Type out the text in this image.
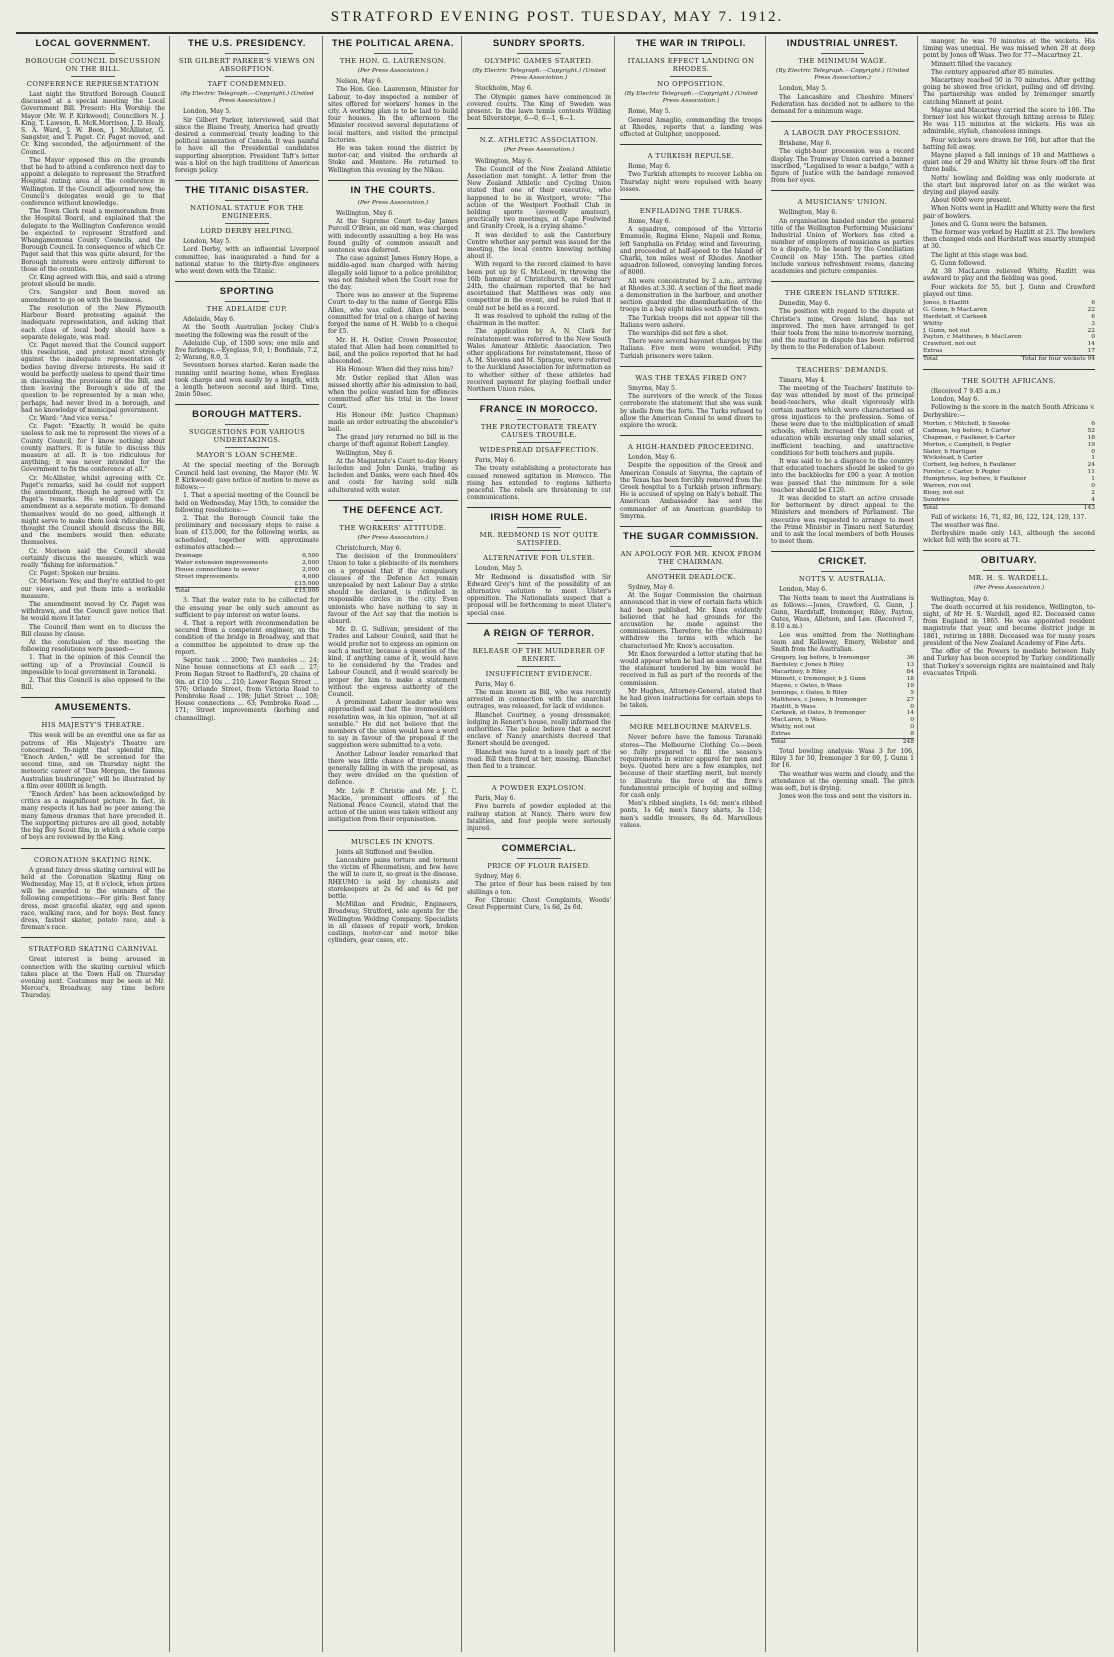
STRATFORD EVENING POST. TUESDAY, MAY 7. 1912.
LOCAL GOVERNMENT.
BOROUGH COUNCIL DISCUSSION ON THE BILL.
CONFERENCE REPRESENTATION

Last night the Stratford Borough Council discussed at a special meeting the Local Government Bill. Present: His Worship the Mayor (Mr. W. P. Kirkwood), Councillors N. J. King, T. Lawson, R. McK.Morrison, J. D. Healy, S. A. Ward, J. W. Boon, J. McAllister, G. Sangster, and T. Paget. Cr. Paget moved, and Cr. King seconded, the adjournment of the Council.

The Mayor opposed this on the grounds that he had to attend a conference next day to appoint a delegate to represent the Stratford Hospital rating area at the conference in Wellington. If the Council adjourned now, the Council's delegates would go to that conference without knowledge.

The Town Clerk read a memorandum from the Hospital Board, and explained that the delegate to the Wellington Conference would be expected to represent Stratford and Whangamomona County Councils, and the Borough Council. In consequence of which Cr. Paget said that this was quite absurd, for the Borough interests were entirely different to those of the counties.

Cr. King agreed with this, and said a strong protest should be made.

Crs. Sangster and Boon moved an amendment to go on with the business.

The resolution of the New Plymouth Harbour Board protesting against the inadequate representation, and asking that each class of local body should have a separate delegate, was read.

Cr. Paget moved that the Council support this resolution, and protest most strongly against the inadequate representation of bodies having diverse interests. He said it would be perfectly useless to spend their time in discussing the provisions of the Bill, and then leaving the Borough's side of the question to be represented by a man who, perhaps, had never lived in a borough, and had no knowledge of municipal government.

Cr. Ward: "And vice versa."

Cr. Paget: "Exactly. It would be quite useless to ask me to represent the views of a County Council, for I know nothing about county matters. It is futile to discuss this measure at all. It is too ridiculous for anything; it was never intended for the Government to fix the conference at all."

Cr. McAllister, whilst agreeing with Cr. Paget's remarks, said he could not support the amendment, though he agreed with Cr. Paget's remarks. He would support the amendment as a separate motion. To demand themselves would do no good, although it might serve to make them look ridiculous. He thought the Council should discuss the Bill, and the members would then educate themselves.

Cr. Morison said the Council should certainly discuss the measure, which was really "fishing for information."

Cr. Paget: Spoken our brains.

Cr. Morison: Yes; and they're entitled to get our views, and put them into a workable measure.

The amendment moved by Cr. Paget was withdrawn, and the Council gave notice that he would move it later.

The Council then went on to discuss the Bill clause by clause.

At the conclusion of the meeting the following resolutions were passed:—

1. That in the opinion of this Council the setting up of a Provincial Council is impossible to local government in Taranaki.

2. That this Council is also opposed to the Bill.

AMUSEMENTS.
HIS MAJESTY'S THEATRE.

This week will be an eventful one as far as patrons of His Majesty's Theatre are concerned. To-night that splendid film, "Enoch Arden," will be screened for the second time, and on Thursday night the meteoric career of "Dan Morgan, the famous Australian bushranger," will be illustrated by a film over 4000ft in length.

"Enoch Arden" has been acknowledged by critics as a magnificent picture. In fact, in many respects it has had no peer among the many famous dramas that have preceded it. The supporting pictures are all good, notably the big Boy Scout film, in which a whole corps of boys are reviewed by the King.

CORONATION SKATING RINK.

A grand fancy dress skating carnival will be held at the Coronation Skating Ring on Wednesday, May 15, at 8 o'clock, when prizes will be awarded to the winners of the following competitions:—For girls: Best fancy dress, most graceful skater, egg and spoon race, walking race, and for boys: Best fancy dress, fastest skater, potato race, and a fireman's race.

STRATFORD SKATING CARNIVAL

Great interest is being aroused in connection with the skating carnival which takes place at the Town Hall on Thursday evening next. Costumes may be seen at Mr. Mercer's, Broadway, any time before Thursday.

THE U.S. PRESIDENCY.
SIR GILBERT PARKER'S VIEWS ON ABSORPTION.
TAFT CONDEMNED.
(By Electric Telegraph.—Copyright.) (United Press Association.)

London, May 5.

Sir Gilbert Parker, interviewed, said that since the Blaine Treaty, America had greatly desired a commercial treaty leading to the political annexation of Canada. It was painful to have all the Presidential candidates supporting absorption. President Taft's letter was a blot on the high traditions of American foreign policy.

THE TITANIC DISASTER.
NATIONAL STATUE FOR THE ENGINEERS.
LORD DERBY HELPING.

London, May 5.

Lord Derby, with an influential Liverpool committee, has inaugurated a fund for a national statue to the thirty-five engineers who went down with the Titanic.

SPORTING
THE ADELAIDE CUP.

Adelaide, May 6.

At the South Australian Jockey Club's meeting the following was the result of the

Adelaide Cup, of 1500 sovs; one mile and five furlongs.—Eyeglass, 9.0, 1; Bonfidale, 7.2, 2; Warang, 8.0, 3.

Seventeen horses started. Keran made the running until nearing home, when Eyeglass took charge and won easily by a length, with a length between second and third. Time, 2min 50sec.

BOROUGH MATTERS.
SUGGESTIONS FOR VARIOUS UNDERTAKINGS.
MAYOR'S LOAN SCHEME.

At the special meeting of the Borough Council held last evening, the Mayor (Mr. W. P. Kirkwood) gave notice of motion to move as follows:—

1. That a special meeting of the Council be held on Wednesday, May 15th, to consider the following resolutions:—

2. That the Borough Council take the preliminary and necessary steps to raise a loan of £15,000, for the following works, as scheduled, together with approximate estimates attached:—

Drainage	6,500
Water extension improvements	2,000
House connections to sewer	2,000
Street improvements	4,000
£15,000
Total	£15,000

3. That the water rate to be collected for the ensuing year be only such amount as sufficient to pay interest on water loans.

4. That a report with recommendation be secured from a competent engineer, on the condition of the bridge in Broadway, and that a committee be appointed to draw up the report.

Septic tank ... 2000; Two manholes ... 24; Nine house connections at £3 each ... 27; From Regan Street to Radford's, 20 chains of 9in. at £10 10s ... 210; Lower Regan Street ... 570; Orlando Street, from Victoria Road to Pembroke Road ... 198; Juliet Street ... 108; House connections ... 63; Pembroke Road ... 171; Street improvements (kerbing and channelling).

THE POLITICAL ARENA.
THE HON. G. LAURENSON.
(Per Press Association.)

Nelson, May 6.

The Hon. Geo. Laurenson, Minister for Labour, to-day inspected a number of sites offered for workers' homes in the city. A working plan is to be laid to build four houses. In the afternoon the Minister received several deputations of local matters, and visited the principal factories.

He was taken round the district by motor-car, and visited the orchards at Stoke and Mentere. He returned to Wellington this evening by the Nikau.

IN THE COURTS.
(Per Press Association.)

Wellington, May 6.

At the Supreme Court to-day James Purcell O'Brien, an old man, was charged with indecently assaulting a boy. He was found guilty of common assault and sentence was deferred.

The case against James Henry Hope, a middle-aged man charged with having illegally sold liquor to a police prohibitor, was not finished when the Court rose for the day.

There was no answer at the Supreme Court to-day to the name of George Ellis Allen, who was called. Allen had been committed for trial on a charge of having forged the name of H. Webb to a cheque for £5.

Mr. H. H. Ostler, Crown Prosecutor, stated that Allen had been committed to bail, and the police reported that he had absconded.

His Honour: When did they miss him?

Mr. Ostler replied that Allen was missed shortly after his admission to bail, when the police wanted him for offences committed after his trial in the lower Court.

His Honour (Mr. Justice Chapman) made an order estreating the absconder's bail.

The grand jury returned no bill in the charge of theft against Robert Langley.

Wellington, May 6.

At the Magistrate's Court to-day Henry Iscleden and John Danks, trading as Iscleden and Danks, were each fined 40s and costs for having sold milk adulterated with water.

THE DEFENCE ACT.
THE WORKERS' ATTITUDE.
(Per Press Association.)

Christchurch, May 6.

The decision of the Ironmoulders' Union to take a plebiscite of its members on a proposal that if the compulsory clauses of the Defence Act remain unrepealed by next Labour Day a strike should be declared, is ridiculed in responsible circles in the city. Even unionists who have nothing to say in favour of the Act say that the motion is absurd.

Mr. D. G. Sullivan, president of the Trades and Labour Council, said that he would prefer not to express an opinion on such a matter, because a question of the kind, if anything came of it, would have to be considered by the Trades and Labour Council, and it would scarcely be proper for him to make a statement without the express authority of the Council.

A prominent Labour leader who was approached said that the ironmoulders' resolution was, in his opinion, "not at all sensible." He did not believe that the members of the union would have a word to say in favour of the proposal if the suggestion were submitted to a vote.

Another Labour leader remarked that there was little chance of trade unions generally falling in with the proposal, as they were divided on the question of defence.

Mr. Lyle P. Christie and Mr. J. C. Mackie, prominent officers of the National Peace Council, stated that the action of the union was taken without any instigation from their organisation.

MUSCLES IN KNOTS.

Joints all Stiffened and Swollen.

Lancashire pains torture and torment the victim of Rheumatism, and few have the will to cure it, so great is the disease. RHEUMO is sold by chemists and storekeepers at 2s 6d and 4s 6d per bottle.

McMillan and Frednic, Engineers, Broadway, Stratford, sole agents for the Wellington Welding Company. Specialists in all classes of repair work, broken castings, motor-car and motor bike cylinders, gear cases, etc.

SUNDRY SPORTS.
OLYMPIC GAMES STARTED.
(By Electric Telegraph.—Copyright.) (United Press Association.)

Stockholm, May 6.

The Olympic games have commenced in covered courts. The King of Sweden was present. In the lawn tennis contests Wilding beat Silverstorpe, 6—0, 6—1, 6—1.

N.Z. ATHLETIC ASSOCIATION.
(Per Press Association.)

Wellington, May 6.

The Council of the New Zealand Athletic Association met tonight. A letter from the New Zealand Athletic and Cycling Union stated that one of their executive, who happened to be in Westport, wrote: "The action of the Westport Football Club in holding sports (avowedly amateur), practically two meetings, at Cape Foulwind and Granity Creek, is a crying shame."

It was decided to ask the Canterbury Centre whether any permit was issued for the meeting, the local centre knowing nothing about it.

With regard to the record claimed to have been put up by G. McLeod, in throwing the 16lb hammer at Christchurch, on February 24th, the chairman reported that he had ascertained that Matthews was only one competitor in the event, and he ruled that it could not be held as a record.

It was resolved to uphold the ruling of the chairman in the matter.

The application by A. N. Clark for reinstatement was referred to the New South Wales Amateur Athletic Association. Two other applications for reinstatement, those of A. M. Stevens and M. Sprague, were referred to the Auckland Association for information as to whether either of these athletes had received payment for playing football under Northern Union rules.

FRANCE IN MOROCCO.
THE PROTECTORATE TREATY CAUSES TROUBLE.
WIDESPREAD DISAFFECTION.

Paris, May 6.

The treaty establishing a protectorate has caused renewed agitation in Morocco. The rising has extended to regions hitherto peaceful. The rebels are threatening to cut communications.

IRISH HOME RULE.
MR. REDMOND IS NOT QUITE SATISFIED.
ALTERNATIVE FOR ULSTER.

London, May 5.

Mr Redmond is dissatisfied with Sir Edward Grey's hint of the possibility of an alternative solution to meet Ulster's opposition. The Nationalists suspect that a proposal will be forthcoming to meet Ulster's special case.

A REIGN OF TERROR.
RELEASE OF THE MURDERER OF RENERT.
INSUFFICIENT EVIDENCE.

Paris, May 6.

The man known as Bill, who was recently arrested in connection with the anarchist outrages, was released, for lack of evidence.

Blanchet Courtney, a young dressmaker, lodging in Renert's house, really informed the authorities. The police believe that a secret enclave of Nancy anarchists decreed that Renert should be avenged.

Blanchet was lured to a lonely part of the road. Bill then fired at her, missing. Blanchet then fled to a tramcar.

A POWDER EXPLOSION.

Paris, May 6.

Five barrels of powder exploded at the railway station at Nancy. There were few fatalities, and four people were seriously injured.

COMMERCIAL.
PRICE OF FLOUR RAISED.

Sydney, May 6.

The price of flour has been raised by ten shillings a ton.

For Chronic Chest Complaints, Woods' Great Peppermint Cure, 1s 6d, 2s 6d.

THE WAR IN TRIPOLI.
ITALIANS EFFECT LANDING ON RHODES.
NO OPPOSITION.
(By Electric Telegraph.—Copyright.) (United Press Association.)

Rome, May 5.

General Amaglio, commanding the troops at Rhodes, reports that a landing was effected at Gulipher, unopposed.

A TURKISH REPULSE.

Rome, May 6.

Two Turkish attempts to recover Lebba on Thursday night were repulsed with heavy losses.

ENFILADING THE TURKS.

Rome, May 6.

A squadron, composed of the Vittorio Emanuele, Regina Elene, Napoli and Roma, left Sanphalia on Friday, wind and favouring, and proceeded at half-speed to the Island of Charki, ten miles west of Rhodes. Another squadron followed, conveying landing forces of 8000.

All were concentrated by 2 a.m., arriving at Rhodes at 3.30. A section of the fleet made a demonstration in the harbour, and another section guarded the disembarkation of the troops in a bay eight miles south of the town.

The Turkish troops did not appear till the Italians were ashore.

The warships did not fire a shot.

There were several bayonet charges by the Italians. Five men were wounded. Fifty Turkish prisoners were taken.

WAS THE TEXAS FIRED ON?

Smyrna, May 5.

The survivors of the wreck of the Texas corroborate the statement that she was sunk by shells from the forts. The Turks refused to allow the American Consul to send divers to explore the wreck.

A HIGH-HANDED PROCEEDING.

London, May 6.

Despite the opposition of the Greek and American Consuls at Smyrna, the captain of the Texas has been forcibly removed from the Greek hospital to a Turkish prison infirmary. He is accused of spying on Italy's behalf. The American Ambassador has sent the commander of an American guardship to Smyrna.

THE SUGAR COMMISSION.
AN APOLOGY FOR MR. KNOX FROM THE CHAIRMAN.
ANOTHER DEADLOCK.

Sydney, May 6.

At the Sugar Commission the chairman announced that in view of certain facts which had been published, Mr. Knox evidently believed that he had grounds for the accusation he made against the commissioners. Therefore, he (the chairman) withdrew the terms with which he characterised Mr. Knox's accusation.

Mr. Knox forwarded a letter stating that he would appear when he had an assurance that the statement tendered by him would be received in full as part of the records of the commission.

Mr Hughes, Attorney-General, stated that he had given instructions for certain steps to be taken.

MORE MELBOURNE MARVELS.

Never before have the famous Taranaki stores—The Melbourne Clothing Co.—been so fully prepared to fill the season's requirements in winter apparel for men and boys. Quoted here are a few examples, not because of their startling merit, but merely to illustrate the force of the firm's fundamental principle of buying and selling for cash only.

Men's ribbed singlets, 1s 6d; men's ribbed pants, 1s 6d; men's fancy shirts, 3s 11d; men's saddle trousers, 8s 6d. Marvellous values.

INDUSTRIAL UNREST.
THE MINIMUM WAGE.
(By Electric Telegraph.—Copyright.) (United Press Association.)

London, May 5.

The Lancashire and Cheshire Miners' Federation has decided not to adhere to the demand for a minimum wage.

A LABOUR DAY PROCESSION.

Brisbane, May 6.

The eight-hour procession was a record display. The Tramway Union carried a banner inscribed, "Legalised to wear a badge," with a figure of Justice with the bandage removed from her eyes.

A MUSICIANS' UNION.

Wellington, May 6.

An organisation banded under the general title of the Wellington Performing Musicians' Industrial Union of Workers has cited a number of employers of musicians as parties to a dispute, to be heard by the Conciliation Council on May 15th. The parties cited include various refreshment rooms, dancing academies and picture companies.

THE GREEN ISLAND STRIKE.

Dunedin, May 6.

The position with regard to the dispute at Christie's mine, Green Island, has not improved. The men have arranged to get their tools from the mine to-morrow morning, and the matter in dispute has been referred by them to the Federation of Labour.

TEACHERS' DEMANDS.

Timaru, May 4.

The meeting of the Teachers' Institute to-day was attended by most of the principal head-teachers, who dealt vigorously with certain matters which were characterised as gross injustices to the profession. Some of these were due to the multiplication of small schools, which increased the total cost of education while ensuring only small salaries, inefficient teaching, and unattractive conditions for both teachers and pupils.

It was said to be a disgrace to the country that educated teachers should be asked to go into the backblocks for £90 a year. A motion was passed that the minimum for a sole teacher should be £120.

It was decided to start an active crusade for betterment by direct appeal to the Ministers and members of Parliament. The executive was requested to arrange to meet the Prime Minister in Timaru next Saturday, and to ask the local members of both Houses to meet them.

CRICKET.
NOTTS V. AUSTRALIA.

London, May 6.

The Notts team to meet the Australians is as follows:—Jones, Crawford, G. Gunn, J. Gunn, Hardstaff, Iremonger, Riley, Payton, Oates, Wass, Alletson, and Lee. (Received 7, 8.10 a.m.)

Lee was omitted from the Nottingham team and Kelleway, Emery, Webster and Smith from the Australian.

Gregory, leg before, b Iremonger	36
Bardsley, c Jones b Riley	13
Macartney, b Riley	84
Minnett, c Iremonger, b J. Gunn	18
Mayne, c Oates, b Wass	19
Jennings, c Oates, b Riley	5
Matthews, c Jones, b Iremonger	27
Hazlitt, b Wass	0
Carkeek, at Oates, b Iremonger	14
MacLaren, b Wass	0
Whitty, not out	0
Extras	8
Total	248

Total bowling analysis: Wass 3 for 106, Riley 3 for 50, Iremonger 3 for 69, J. Gunn 1 for 16.

The weather was warm and cloudy, and the attendance at the opening small. The pitch was soft, but is drying.

Jones won the toss and sent the visitors in.

manger, he was 70 minutes at the wickets. His timing was unequal. He was missed when 28 at deep point by Jones off Wass. Two for 77—Macartney 21.

Minnett filled the vacancy.

The century appeared after 85 minutes.

Macartney reached 50 in 70 minutes. After getting going he showed free cricket, pulling and off driving. The partnership was ended by Iremonger smartly catching Minnett at point.

Mayne and Macartney carried the score to 106. The former lost his wicket through hitting across to Riley. He was 115 minutes at the wickets. His was an admirable, stylish, chanceless innings.

Four wickets were drawn for 166, but after that the batting fell away.

Mayne played a fall innings of 19 and Matthews a quiet one of 29 and Whitty hit three fours off the first three balls.

Notts' bowling and fielding was only moderate at the start but improved later on as the wicket was drying and played easily.

About 6000 were present.

When Notts went in Hazlitt and Whitty were the first pair of bowlers.

Jones and G. Gunn were the batsmen.

The former was yorked by Hazlitt at 23. The bowlers then changed ends and Hardstaff was smartly stumped at 30.

The light at this stage was bad.

G. Gunn followed.

At 38 MacLaren relieved Whitty. Hazlitt was awkward to play and the fielding was good.

Four wickets for 55, but J. Gunn and Crawford played out time.

Jones, b Hazlitt	6
G. Gunn, b MacLaren	22
Hardstaff, st Carkeek	6
Whitty	3
J. Gunn, not out	22
Payton, c Matthews, b MacLaren	0
Crawford, not out	14
Extras	17
Total	Total for four wickets 94
THE SOUTH AFRICANS.

(Received 7 9.45 a.m.)

London, May 6.

Following is the score in the match South Africans v. Derbyshire:—

Morton, c Mitchell, b Snooke	6
Cadman, leg before, b Carter	52
Chapman, c Faulkner, b Carter	18
Morton, c Campbell, b Pegler	19
Slater, b Hartigan	0
Wickstead, b Carter	1
Corbett, leg before, b Faulkner	24
Forster, c Carter, b Pegler	11
Humphries, leg before, b Faulkner	1
Warren, run out	0
Blony, not out	2
Sundries	4
Total	143

Fall of wickets: 16, 71, 82, 86, 122, 124, 129, 137.

The weather was fine.

Derbyshire made only 143, although the second wicket fell with the score at 71.

OBITUARY.
MR. H. S. WARDELL.
(Per Press Association.)

Wellington, May 6.

The death occurred at his residence, Wellington, to-night, of Mr H. S. Wardell, aged 82. Deceased came from England in 1865. He was appointed resident magistrate that year, and became district judge in 1861, retiring in 1888. Deceased was for many years president of the New Zealand Academy of Fine Arts.

The offer of the Powers to mediate between Italy and Turkey has been accepted by Turkey conditionally that Turkey's sovereign rights are maintained and Italy evacuates Tripoli.
